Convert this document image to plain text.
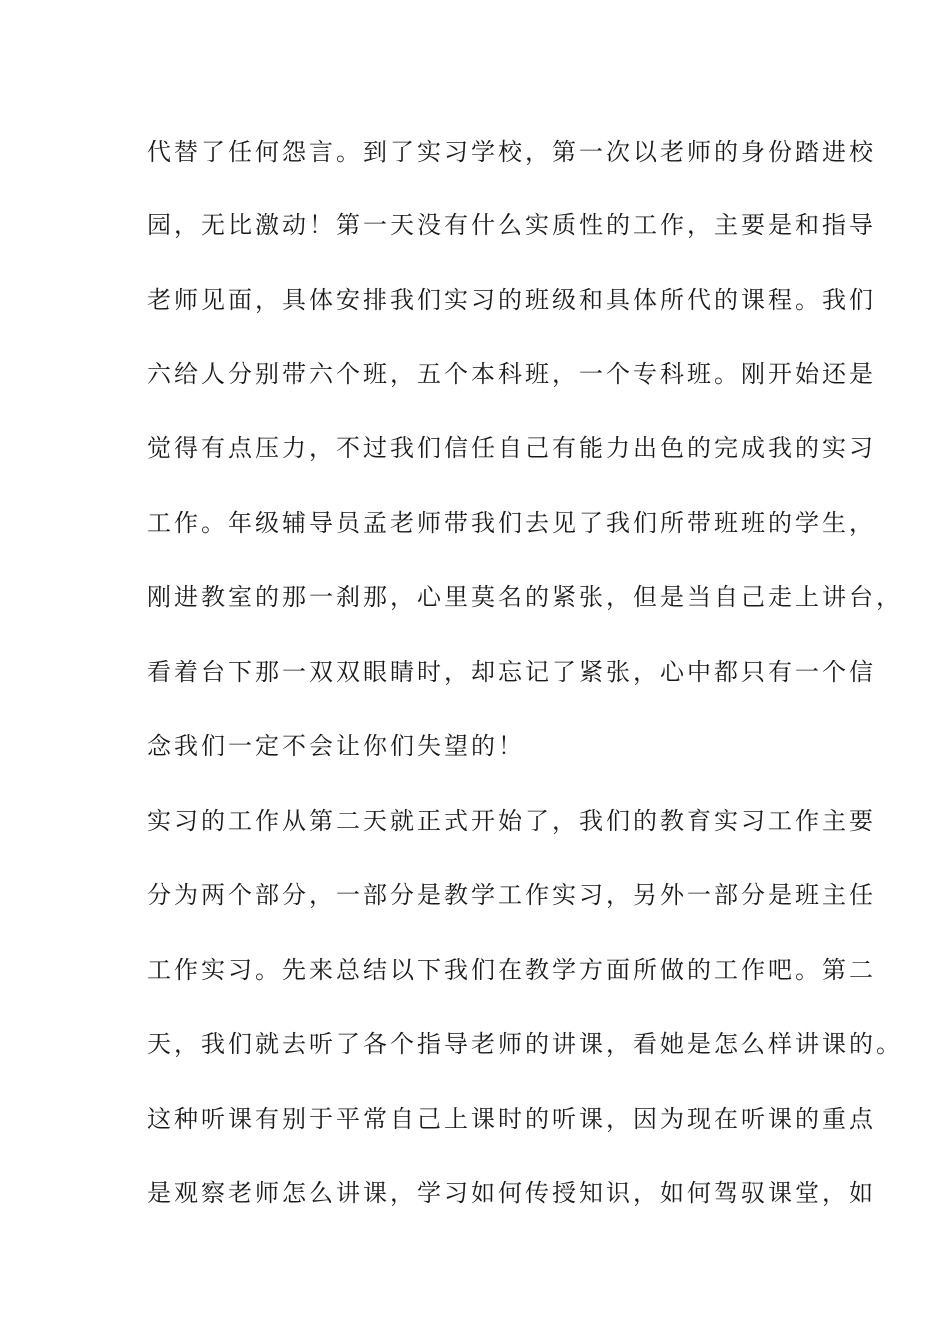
代替了任何怨言。到了实习学校，第一次以老师的身份踏进校
园，无比激动！第一天没有什么实质性的工作，主要是和指导
老师见面，具体安排我们实习的班级和具体所代的课程。我们
六给人分别带六个班，五个本科班，一个专科班。刚开始还是
觉得有点压力，不过我们信任自己有能力出色的完成我的实习
工作。年级辅导员孟老师带我们去见了我们所带班班的学生，
刚进教室的那一刹那，心里莫名的紧张，但是当自己走上讲台，
看着台下那一双双眼睛时，却忘记了紧张，心中都只有一个信
念我们一定不会让你们失望的！
实习的工作从第二天就正式开始了，我们的教育实习工作主要
分为两个部分，一部分是教学工作实习，另外一部分是班主任
工作实习。先来总结以下我们在教学方面所做的工作吧。第二
天，我们就去听了各个指导老师的讲课，看她是怎么样讲课的。
这种听课有别于平常自己上课时的听课，因为现在听课的重点
是观察老师怎么讲课，学习如何传授知识，如何驾驭课堂，如
